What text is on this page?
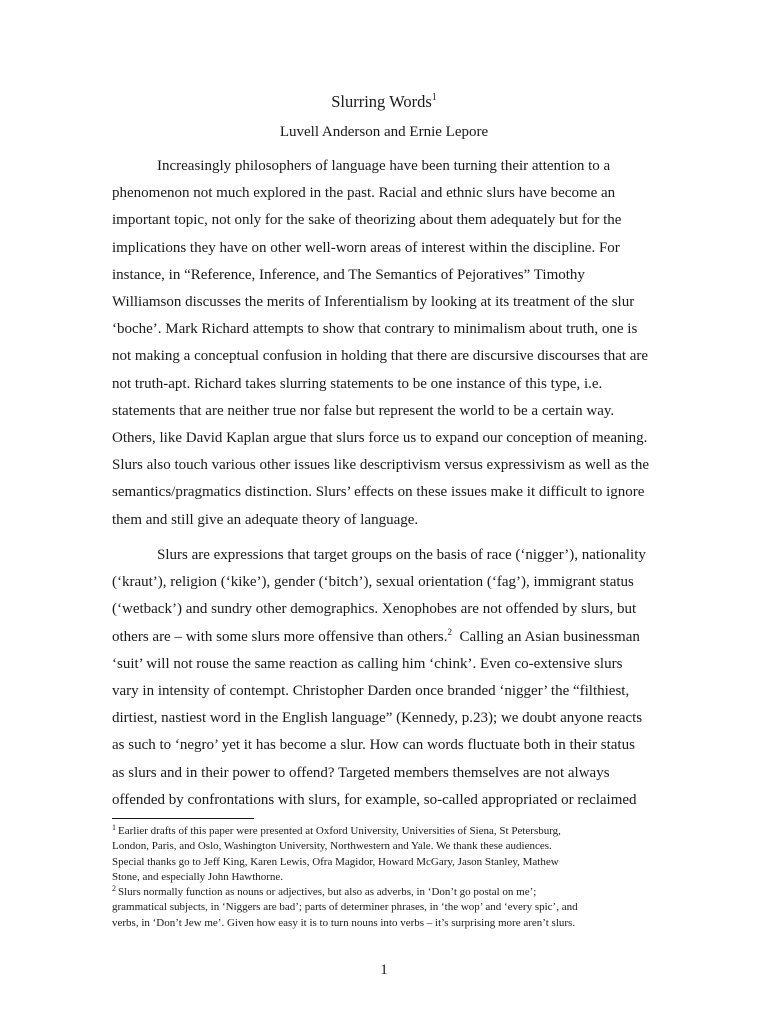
Slurring Words$^1$
Luvell Anderson and Ernie Lepore
Increasingly philosophers of language have been turning their attention to a
phenomenon not much explored in the past. Racial and ethnic slurs have become an
important topic, not only for the sake of theorizing about them adequately but for the
implications they have on other well-worn areas of interest within the discipline. For
instance, in “Reference, Inference, and The Semantics of Pejoratives” Timothy
Williamson discusses the merits of Inferentialism by looking at its treatment of the slur
‘boche’. Mark Richard attempts to show that contrary to minimalism about truth, one is
not making a conceptual confusion in holding that there are discursive discourses that are
not truth-apt. Richard takes slurring statements to be one instance of this type, i.e.
statements that are neither true nor false but represent the world to be a certain way.
Others, like David Kaplan argue that slurs force us to expand our conception of meaning.
Slurs also touch various other issues like descriptivism versus expressivism as well as the
semantics/pragmatics distinction. Slurs’ effects on these issues make it difficult to ignore
them and still give an adequate theory of language.
Slurs are expressions that target groups on the basis of race (‘nigger’), nationality
(‘kraut’), religion (‘kike’), gender (‘bitch’), sexual orientation (‘fag’), immigrant status
(‘wetback’) and sundry other demographics. Xenophobes are not offended by slurs, but
others are – with some slurs more offensive than others.$^2$  Calling an Asian businessman
‘suit’ will not rouse the same reaction as calling him ‘chink’. Even co-extensive slurs
vary in intensity of contempt. Christopher Darden once branded ‘nigger’ the “filthiest,
dirtiest, nastiest word in the English language” (Kennedy, p.23); we doubt anyone reacts
as such to ‘negro’ yet it has become a slur. How can words fluctuate both in their status
as slurs and in their power to offend? Targeted members themselves are not always
offended by confrontations with slurs, for example, so-called appropriated or reclaimed
$^1$ Earlier drafts of this paper were presented at Oxford University, Universities of Siena, St Petersburg,
London, Paris, and Oslo, Washington University, Northwestern and Yale. We thank these audiences.
Special thanks go to Jeff King, Karen Lewis, Ofra Magidor, Howard McGary, Jason Stanley, Mathew
Stone, and especially John Hawthorne.
$^2$ Slurs normally function as nouns or adjectives, but also as adverbs, in ‘Don’t go postal on me’;
grammatical subjects, in ‘Niggers are bad’; parts of determiner phrases, in ‘the wop’ and ‘every spic’, and
verbs, in ‘Don’t Jew me’. Given how easy it is to turn nouns into verbs – it’s surprising more aren’t slurs.
1
